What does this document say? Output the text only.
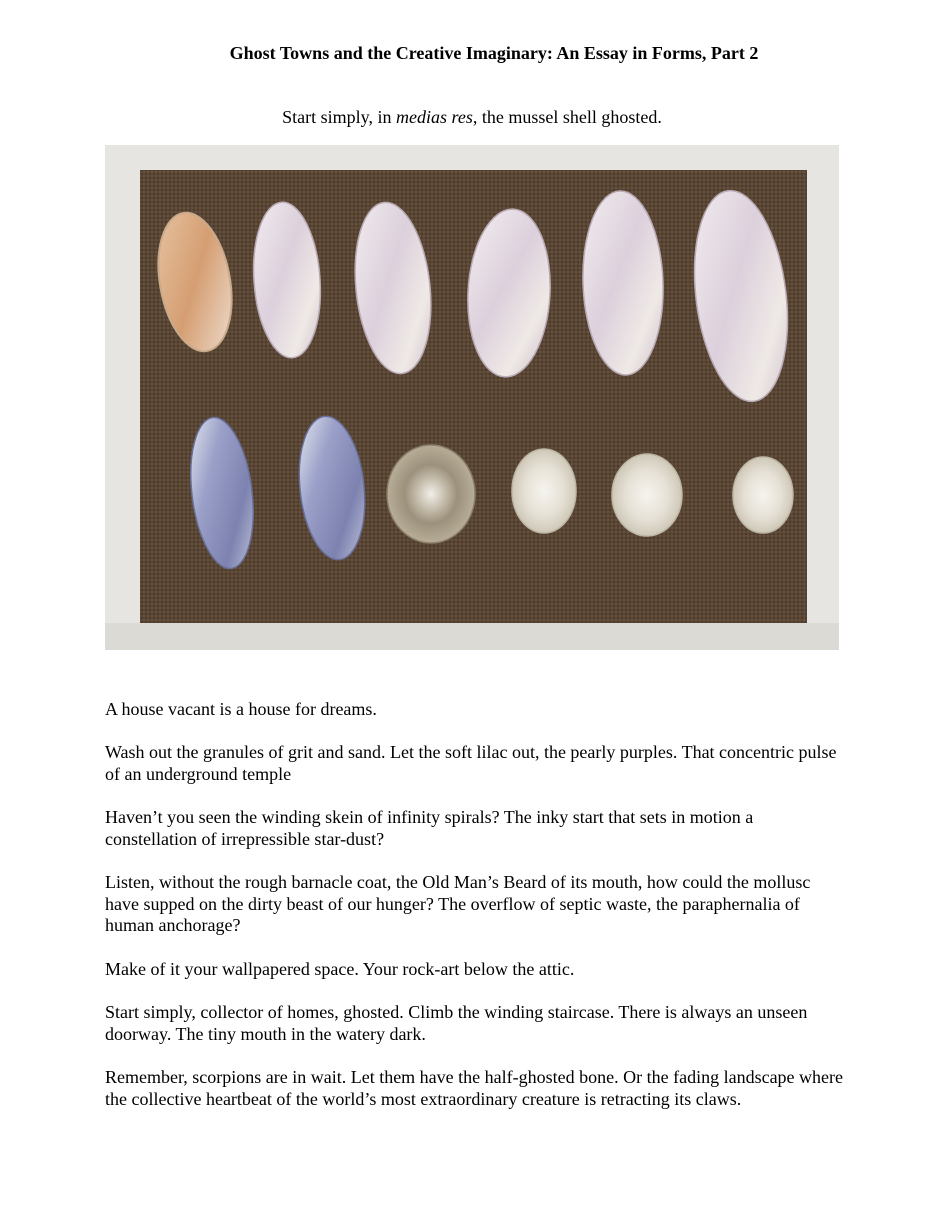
Ghost Towns and the Creative Imaginary: An Essay in Forms, Part 2

Start simply, in medias res, the mussel shell ghosted.

A house vacant is a house for dreams.

Wash out the granules of grit and sand. Let the soft lilac out, the pearly purples. That concentric pulse of an underground temple

Haven’t you seen the winding skein of infinity spirals? The inky start that sets in motion a constellation of irrepressible star-dust?

Listen, without the rough barnacle coat, the Old Man’s Beard of its mouth, how could the mollusc have supped on the dirty beast of our hunger? The overflow of septic waste, the paraphernalia of human anchorage?

Make of it your wallpapered space. Your rock-art below the attic.

Start simply, collector of homes, ghosted. Climb the winding staircase. There is always an unseen doorway. The tiny mouth in the watery dark.

Remember, scorpions are in wait. Let them have the half-ghosted bone. Or the fading landscape where the collective heartbeat of the world’s most extraordinary creature is retracting its claws.
